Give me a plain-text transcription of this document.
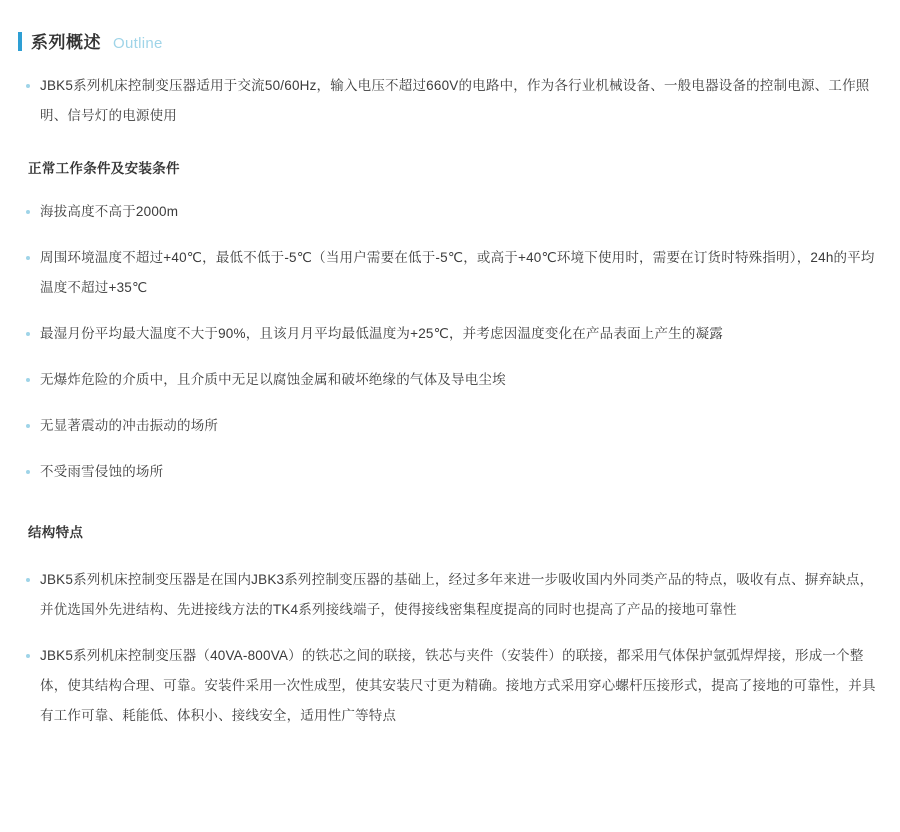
系列概述 Outline
JBK5系列机床控制变压器适用于交流50/60Hz，输入电压不超过660V的电路中，作为各行业机械设备、一般电器设备的控制电源、工作照明、信号灯的电源使用
正常工作条件及安装条件
海拔高度不高于2000m
周围环境温度不超过+40℃，最低不低于-5℃（当用户需要在低于-5℃，或高于+40℃环境下使用时，需要在订货时特殊指明），24h的平均温度不超过+35℃
最湿月份平均最大温度不大于90%，且该月月平均最低温度为+25℃，并考虑因温度变化在产品表面上产生的凝露
无爆炸危险的介质中，且介质中无足以腐蚀金属和破坏绝缘的气体及导电尘埃
无显著震动的冲击振动的场所
不受雨雪侵蚀的场所
结构特点
JBK5系列机床控制变压器是在国内JBK3系列控制变压器的基础上，经过多年来进一步吸收国内外同类产品的特点，吸收有点、摒弃缺点，并优选国外先进结构、先进接线方法的TK4系列接线端子，使得接线密集程度提高的同时也提高了产品的接地可靠性
JBK5系列机床控制变压器（40VA-800VA）的铁芯之间的联接，铁芯与夹件（安装件）的联接，都采用气体保护氩弧焊焊接，形成一个整体，使其结构合理、可靠。安装件采用一次性成型，使其安装尺寸更为精确。接地方式采用穿心螺杆压接形式，提高了接地的可靠性，并具有工作可靠、耗能低、体积小、接线安全，适用性广等特点
